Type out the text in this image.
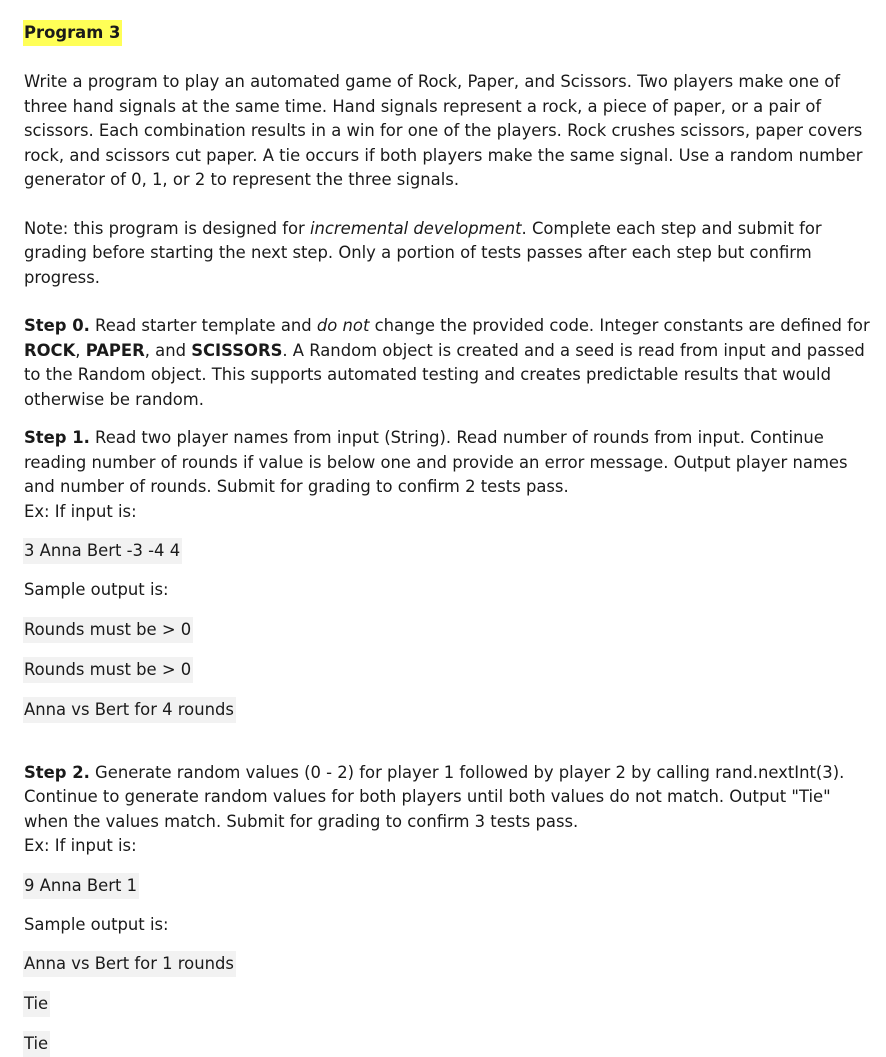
Program 3

Write a program to play an automated game of Rock, Paper, and Scissors. Two players make one of three hand signals at the same time. Hand signals represent a rock, a piece of paper, or a pair of scissors. Each combination results in a win for one of the players. Rock crushes scissors, paper covers rock, and scissors cut paper. A tie occurs if both players make the same signal. Use a random number generator of 0, 1, or 2 to represent the three signals.

Note: this program is designed for incremental development. Complete each step and submit for grading before starting the next step. Only a portion of tests passes after each step but confirm progress.

Step 0. Read starter template and do not change the provided code. Integer constants are defined for ROCK, PAPER, and SCISSORS. A Random object is created and a seed is read from input and passed to the Random object. This supports automated testing and creates predictable results that would otherwise be random.

Step 1. Read two player names from input (String). Read number of rounds from input. Continue reading number of rounds if value is below one and provide an error message. Output player names and number of rounds. Submit for grading to confirm 2 tests pass.

Ex: If input is:

3 Anna Bert -3 -4 4

Sample output is:

Rounds must be > 0
Rounds must be > 0
Anna vs Bert for 4 rounds

Step 2. Generate random values (0 - 2) for player 1 followed by player 2 by calling rand.nextInt(3). Continue to generate random values for both players until both values do not match. Output "Tie" when the values match. Submit for grading to confirm 3 tests pass.

Ex: If input is:

9 Anna Bert 1

Sample output is:

Anna vs Bert for 1 rounds
Tie
Tie
